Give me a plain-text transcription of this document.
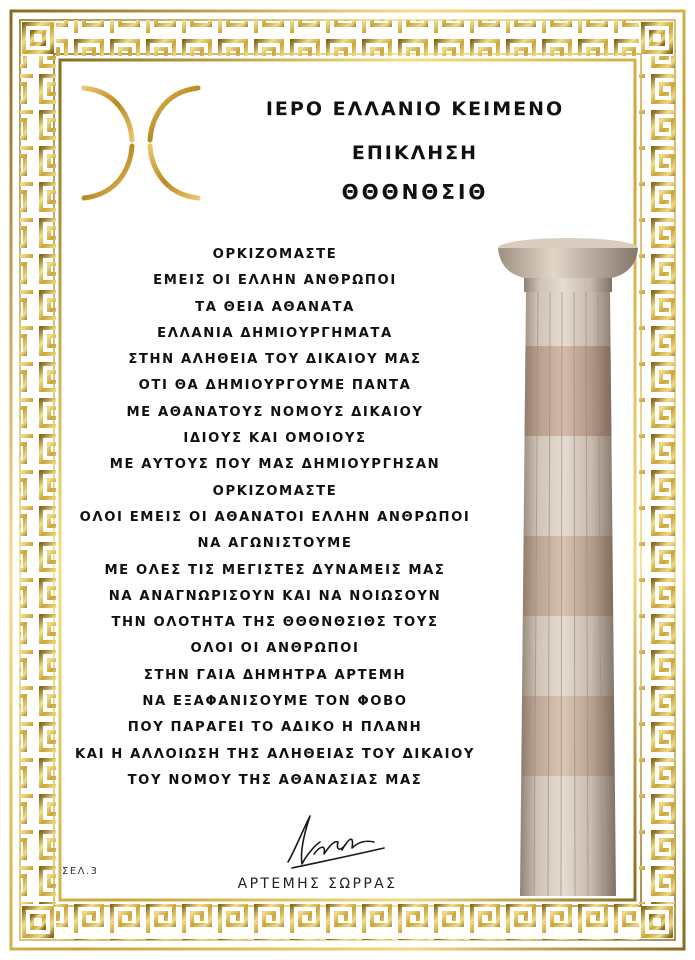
ΙΕΡΟ ΕΛΛΑΝΙΟ ΚΕΙΜΕΝΟ
ΕΠΙΚΛΗΣΗ
ΘΘΘΝΘΣΙΘ
ΟΡΚΙΖΟΜΑΣΤΕ
ΕΜΕΙΣ ΟΙ ΕΛΛΗΝ ΑΝΘΡΩΠΟΙ
ΤΑ ΘΕΙΑ ΑΘΑΝΑΤΑ
ΕΛΛΑΝΙΑ ΔΗΜΙΟΥΡΓΗΜΑΤΑ
ΣΤΗΝ ΑΛΗΘΕΙΑ ΤΟΥ ΔΙΚΑΙΟΥ ΜΑΣ
ΟΤΙ ΘΑ ΔΗΜΙΟΥΡΓΟΥΜΕ ΠΑΝΤΑ
ΜΕ ΑΘΑΝΑΤΟΥΣ ΝΟΜΟΥΣ ΔΙΚΑΙΟΥ
ΙΔΙΟΥΣ ΚΑΙ ΟΜΟΙΟΥΣ
ΜΕ ΑΥΤΟΥΣ ΠΟΥ ΜΑΣ ΔΗΜΙΟΥΡΓΗΣΑΝ
ΟΡΚΙΖΟΜΑΣΤΕ
ΟΛΟΙ ΕΜΕΙΣ ΟΙ ΑΘΑΝΑΤΟΙ ΕΛΛΗΝ ΑΝΘΡΩΠΟΙ
ΝΑ ΑΓΩΝΙΣΤΟΥΜΕ
ΜΕ ΟΛΕΣ ΤΙΣ ΜΕΓΙΣΤΕΣ ΔΥΝΑΜΕΙΣ ΜΑΣ
ΝΑ ΑΝΑΓΝΩΡΙΣΟΥΝ ΚΑΙ ΝΑ ΝΟΙΩΣΟΥΝ
ΤΗΝ ΟΛΟΤΗΤΑ ΤΗΣ ΘΘΘΝΘΣΙΘΣ ΤΟΥΣ
ΟΛΟΙ ΟΙ ΑΝΘΡΩΠΟΙ
ΣΤΗΝ ΓΑΙΑ ΔΗΜΗΤΡΑ ΑΡΤΕΜΗ
ΝΑ ΕΞΑΦΑΝΙΣΟΥΜΕ ΤΟΝ ΦΟΒΟ
ΠΟΥ ΠΑΡΑΓΕΙ ΤΟ ΑΔΙΚΟ Η ΠΛΑΝΗ
ΚΑΙ Η ΑΛΛΟΙΩΣΗ ΤΗΣ ΑΛΗΘΕΙΑΣ ΤΟΥ ΔΙΚΑΙΟΥ
ΤΟΥ ΝΟΜΟΥ ΤΗΣ ΑΘΑΝΑΣΙΑΣ ΜΑΣ
ΑΡΤΕΜΗΣ ΣΩΡΡΑΣ
ΣΕΛ.3
